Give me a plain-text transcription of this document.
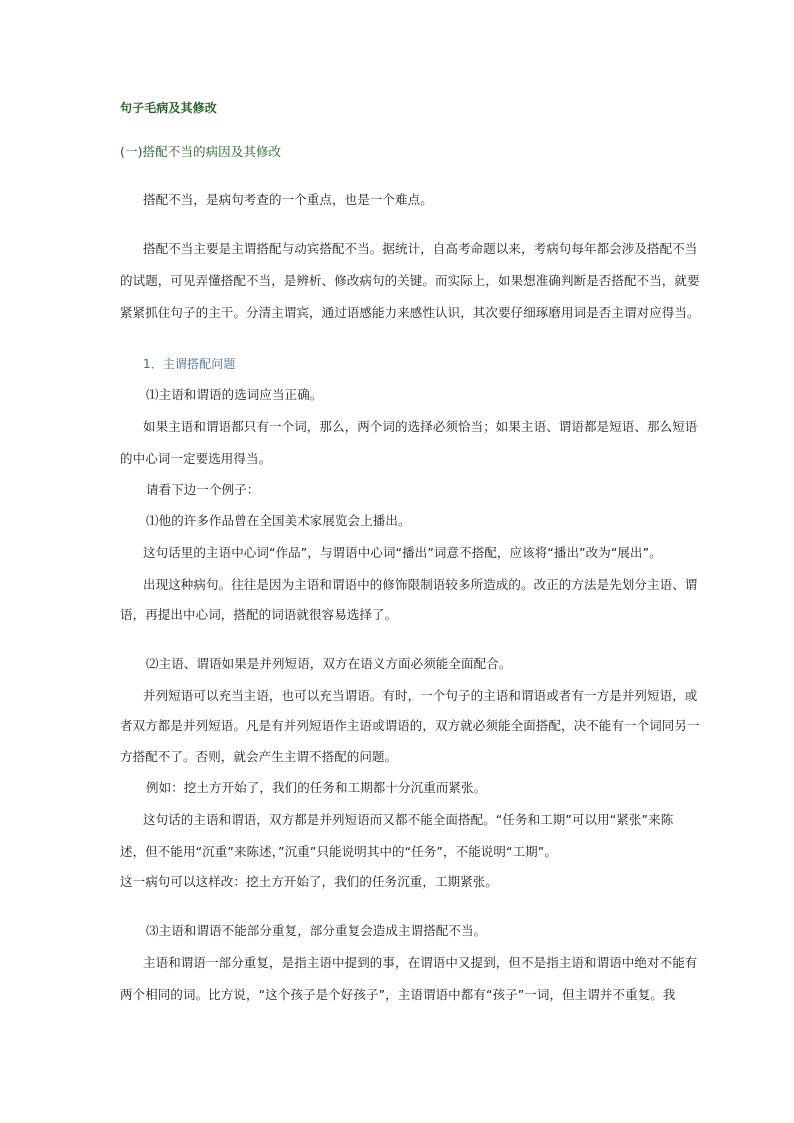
句子毛病及其修改
(一)搭配不当的病因及其修改
搭配不当，是病句考查的一个重点，也是一个难点。
搭配不当主要是主谓搭配与动宾搭配不当。据统计，自高考命题以来，考病句每年都会涉及搭配不当
的试题，可见弄懂搭配不当，是辨析、修改病句的关键。而实际上，如果想准确判断是否搭配不当，就要
紧紧抓住句子的主干。分清主谓宾，通过语感能力来感性认识，其次要仔细琢磨用词是否主谓对应得当。
1．主谓搭配问题
⑴主语和谓语的选词应当正确。
如果主语和谓语都只有一个词，那么，两个词的选择必须恰当；如果主语、谓语都是短语、那么短语
的中心词一定要选用得当。
请看下边一个例子：
⑴他的许多作品曾在全国美术家展览会上播出。
这句话里的主语中心词“作品”，与谓语中心词“播出”词意不搭配，应该将“播出”改为“展出”。
出现这种病句。往往是因为主语和谓语中的修饰限制语较多所造成的。改正的方法是先划分主语、谓
语，再提出中心词，搭配的词语就很容易选择了。
⑵主语、谓语如果是并列短语，双方在语义方面必须能全面配合。
并列短语可以充当主语，也可以充当谓语。有时，一个句子的主语和谓语或者有一方是并列短语，或
者双方都是并列短语。凡是有并列短语作主语或谓语的，双方就必须能全面搭配，决不能有一个词同另一
方搭配不了。否则，就会产生主谓不搭配的问题。
例如：挖土方开始了，我们的任务和工期都十分沉重而紧张。
这句话的主语和谓语，双方都是并列短语而又都不能全面搭配。“任务和工期”可以用“紧张”来陈
述，但不能用“沉重”来陈述，”沉重”只能说明其中的“任务”，不能说明“工期”。
这一病句可以这样改：挖土方开始了，我们的任务沉重，工期紧张。
⑶主语和谓语不能部分重复，部分重复会造成主谓搭配不当。
主语和谓语一部分重复，是指主语中提到的事，在谓语中又提到，但不是指主语和谓语中绝对不能有
两个相同的词。比方说，“这个孩子是个好孩子”，主语谓语中都有“孩子”一词，但主谓并不重复。我
